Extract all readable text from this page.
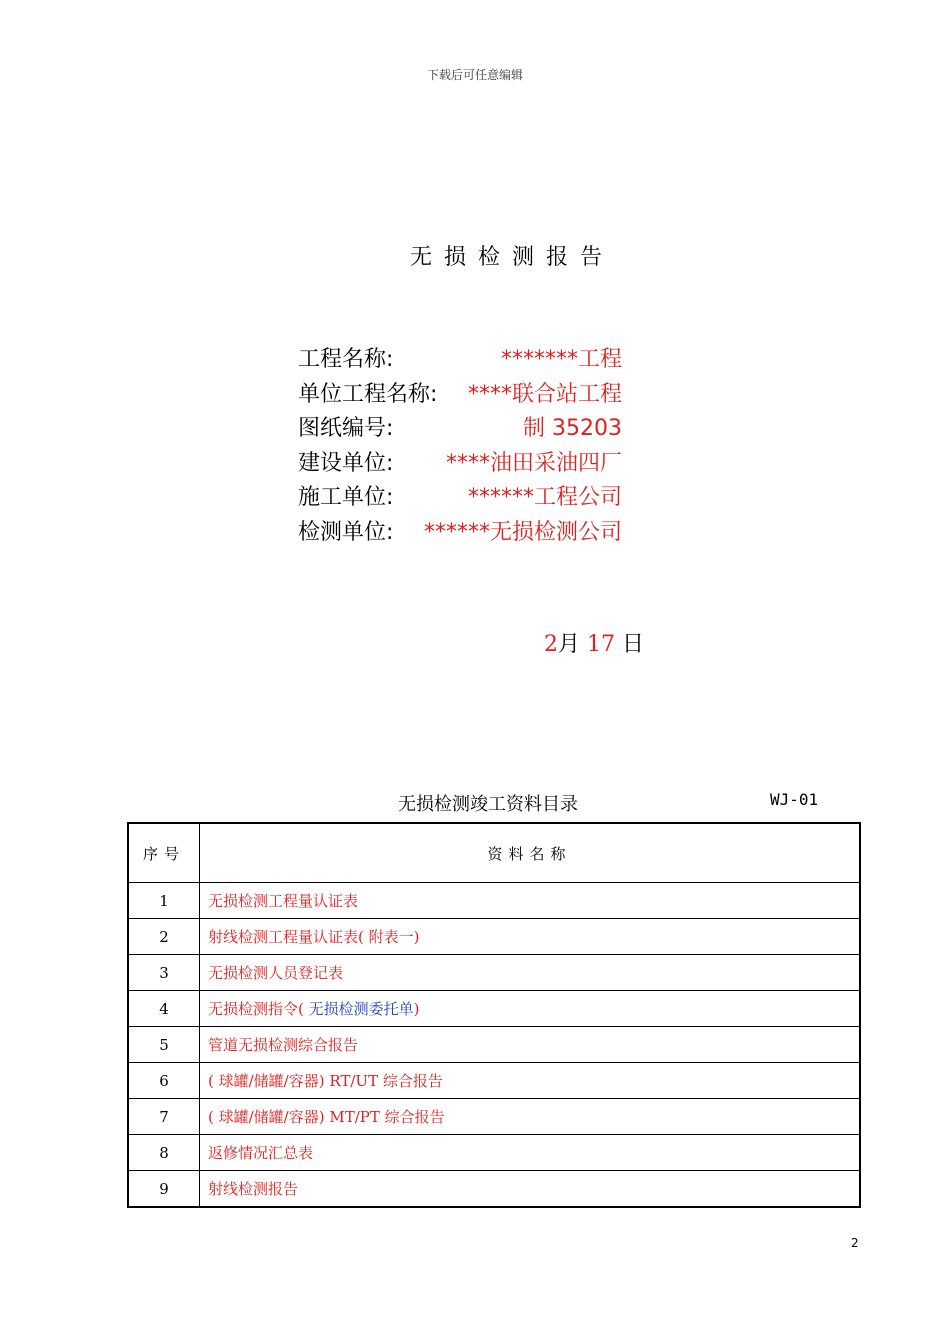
下载后可任意编辑
无损检测报告
工程名称:	*******工程
单位工程名称: ****联合站工程
图纸编号:	制 35203
建设单位: ****油田采油四厂
施工单位:	******工程公司
检测单位: ******无损检测公司
2月 17 日
无损检测竣工资料目录	WJ-01
序号	资料名称
1	无损检测工程量认证表
2	射线检测工程量认证表( 附表一)
3	无损检测人员登记表
4	无损检测指令( 无损检测委托单)
5	管道无损检测综合报告
6	( 球罐/储罐/容器) RT/UT 综合报告
7	( 球罐/储罐/容器) MT/PT 综合报告
8	返修情况汇总表
9	射线检测报告
2
